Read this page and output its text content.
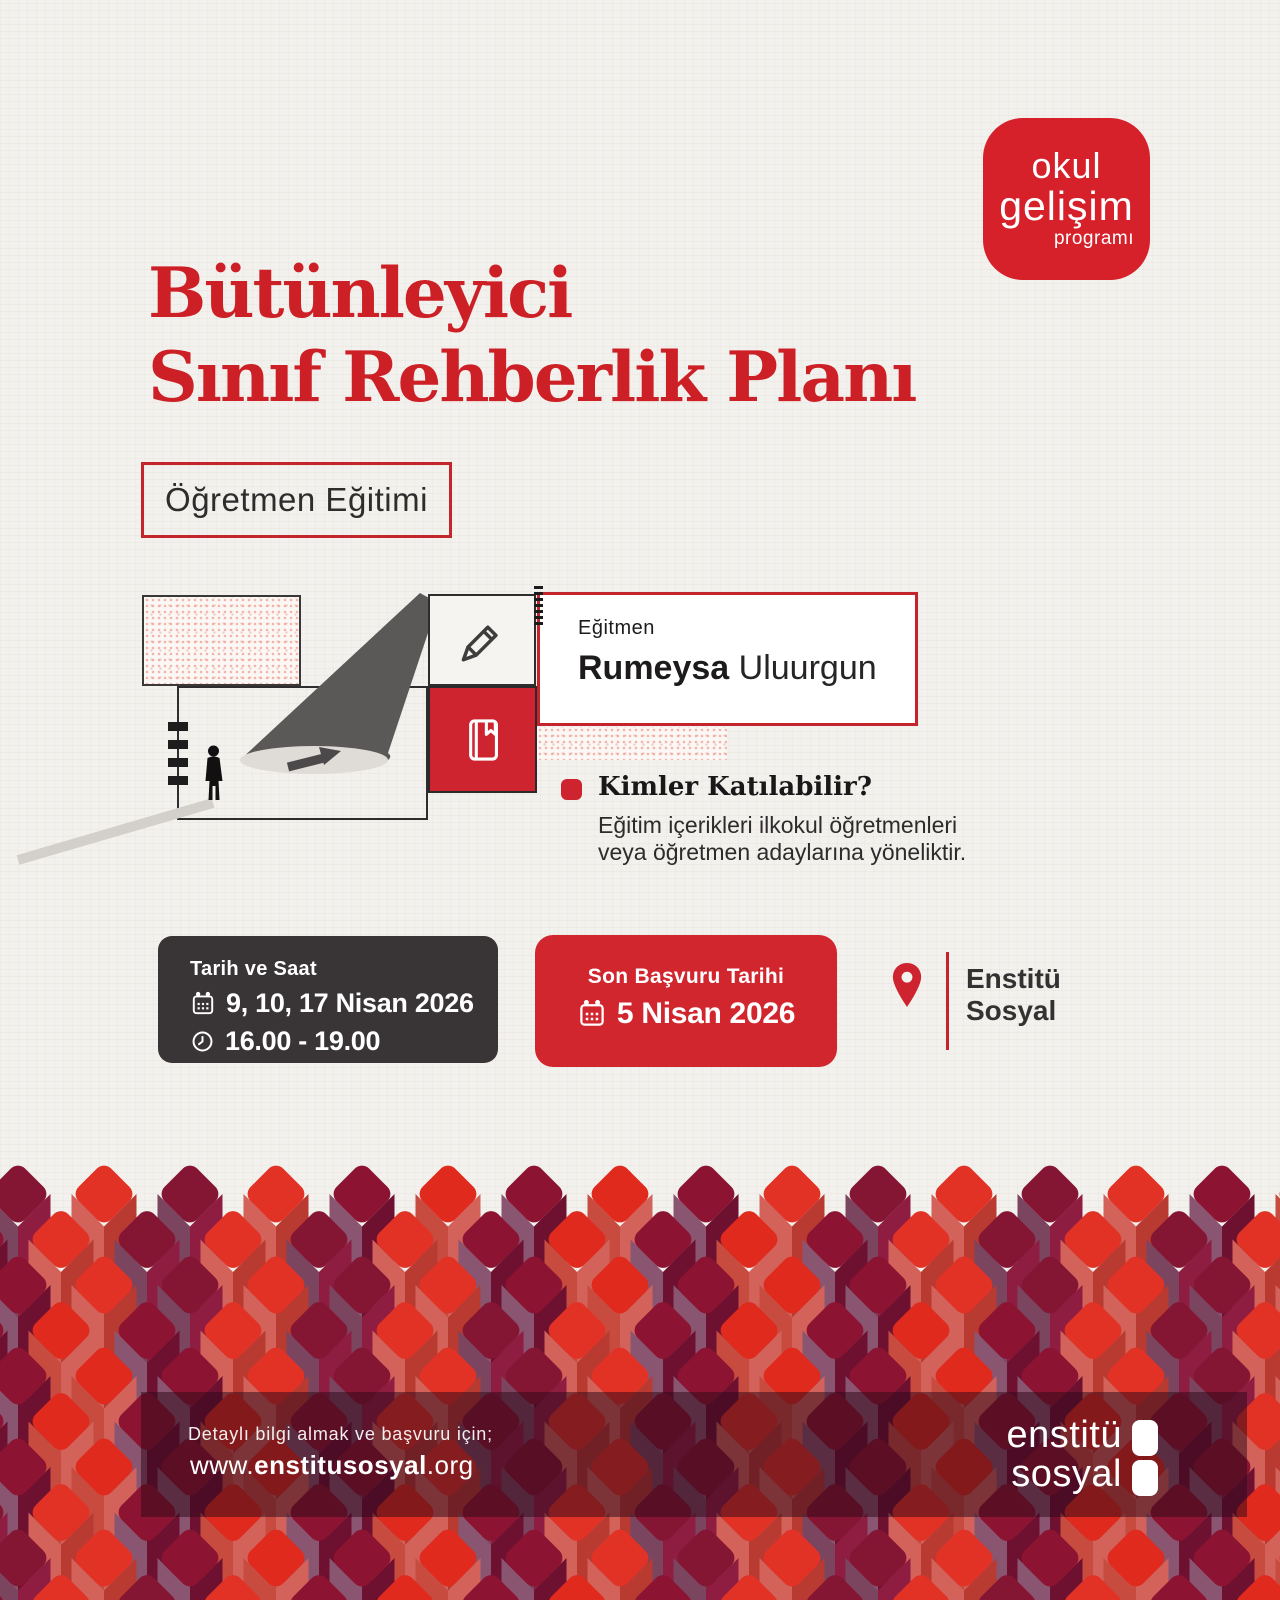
okul
gelişim
programı
Bütünleyici
Sınıf Rehberlik Planı
Öğretmen Eğitimi
Eğitmen
Rumeysa Uluurgun
Kimler Katılabilir?
Eğitim içerikleri ilkokul öğretmenleri
veya öğretmen adaylarına yöneliktir.
Tarih ve Saat
9, 10, 17 Nisan 2026
16.00 - 19.00
Son Başvuru Tarihi
5 Nisan 2026
Enstitü
Sosyal
Detaylı bilgi almak ve başvuru için;
www.enstitusosyal.org
enstitü
sosyal
